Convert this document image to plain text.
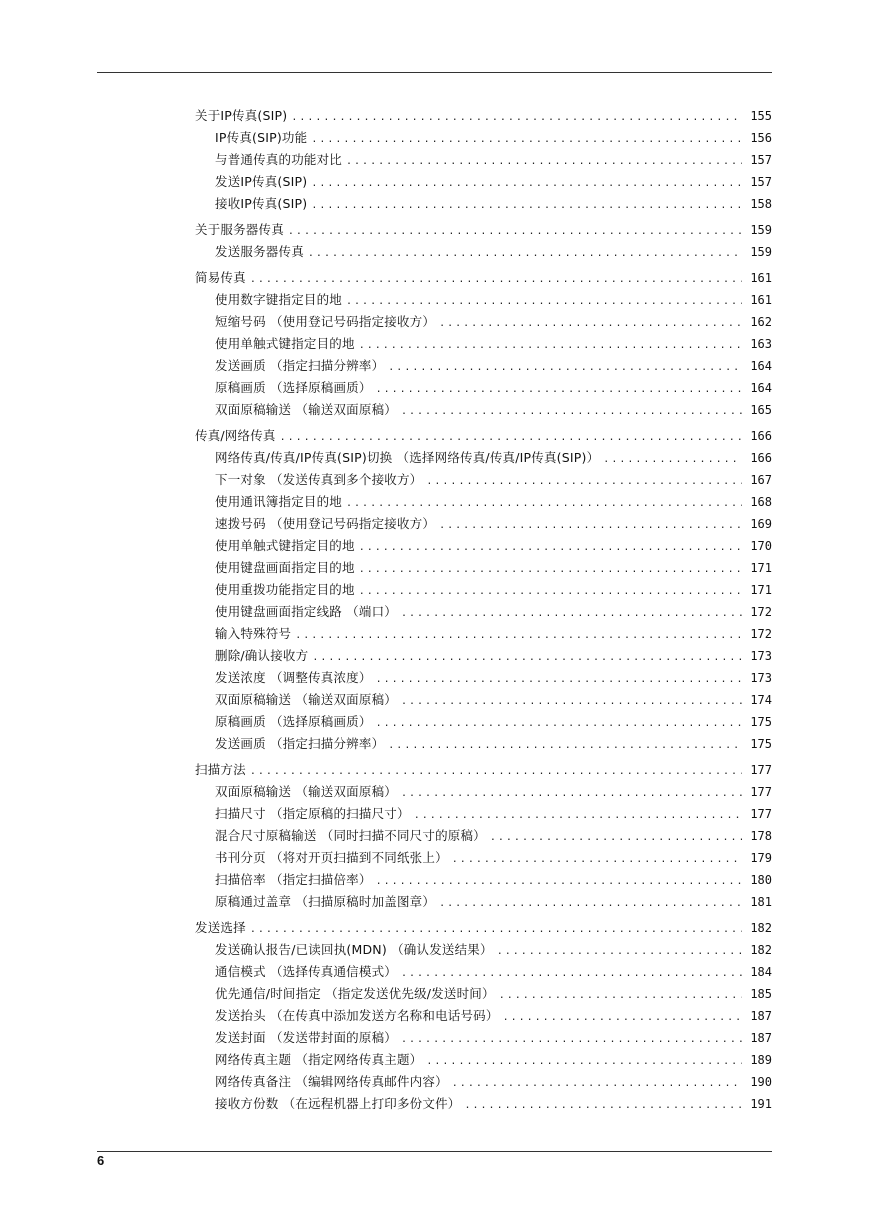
关于IP传真(SIP) .....	155
IP传真(SIP)功能 .....	156
与普通传真的功能对比 .....	157
发送IP传真(SIP) .....	157
接收IP传真(SIP) .....	158
关于服务器传真 .....	159
发送服务器传真 .....	159
简易传真 .....	161
使用数字键指定目的地 .....	161
短缩号码 （使用登记号码指定接收方） .....	162
使用单触式键指定目的地 .....	163
发送画质 （指定扫描分辨率） .....	164
原稿画质 （选择原稿画质） .....	164
双面原稿输送 （输送双面原稿） .....	165
传真/网络传真 .....	166
网络传真/传真/IP传真(SIP)切换 （选择网络传真/传真/IP传真(SIP)） .....	166
下一对象 （发送传真到多个接收方） .....	167
使用通讯簿指定目的地 .....	168
速拨号码 （使用登记号码指定接收方） .....	169
使用单触式键指定目的地 .....	170
使用键盘画面指定目的地 .....	171
使用重拨功能指定目的地 .....	171
使用键盘画面指定线路 （端口） .....	172
输入特殊符号 .....	172
删除/确认接收方 .....	173
发送浓度 （调整传真浓度） .....	173
双面原稿输送 （输送双面原稿） .....	174
原稿画质 （选择原稿画质） .....	175
发送画质 （指定扫描分辨率） .....	175
扫描方法 .....	177
双面原稿输送 （输送双面原稿） .....	177
扫描尺寸 （指定原稿的扫描尺寸） .....	177
混合尺寸原稿输送 （同时扫描不同尺寸的原稿） .....	178
书刊分页 （将对开页扫描到不同纸张上） .....	179
扫描倍率 （指定扫描倍率） .....	180
原稿通过盖章 （扫描原稿时加盖图章） .....	181
发送选择 .....	182
发送确认报告/已读回执(MDN) （确认发送结果） .....	182
通信模式 （选择传真通信模式） .....	184
优先通信/时间指定 （指定发送优先级/发送时间） .....	185
发送抬头 （在传真中添加发送方名称和电话号码） .....	187
发送封面 （发送带封面的原稿） .....	187
网络传真主题 （指定网络传真主题） .....	189
网络传真备注 （编辑网络传真邮件内容） .....	190
接收方份数 （在远程机器上打印多份文件） .....	191
6
